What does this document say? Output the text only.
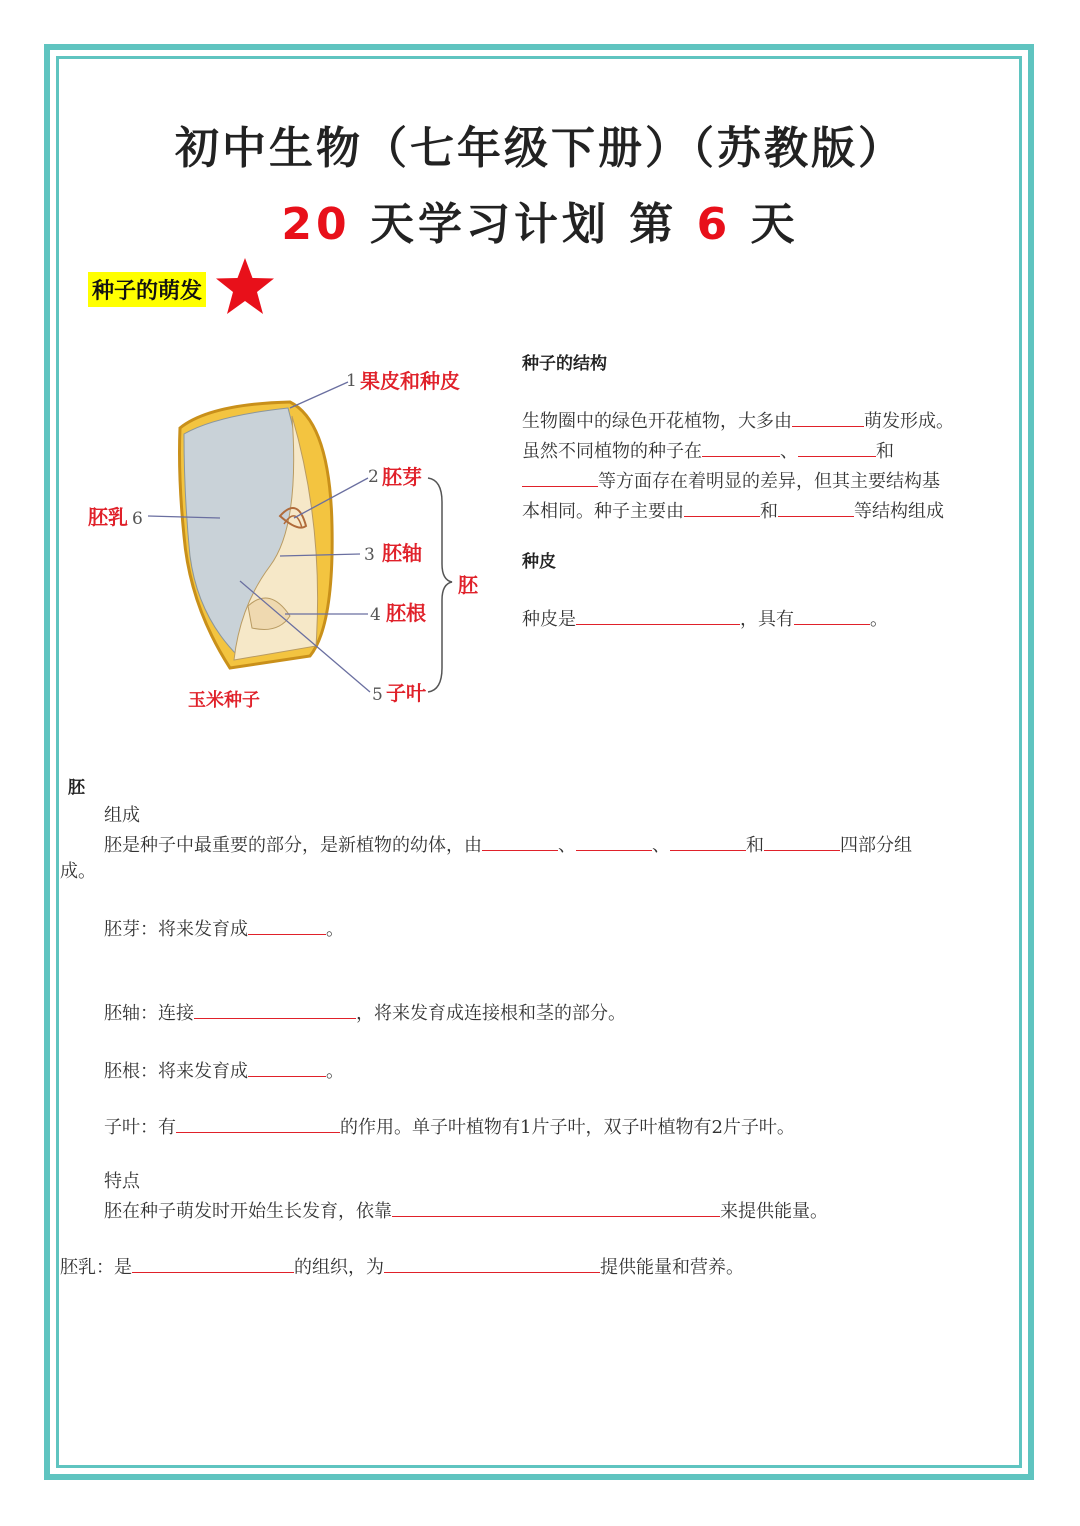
初中生物（七年级下册）（苏教版）
20 天学习计划 第 6 天
种子的萌发
1 果皮和种皮
2 胚芽
3 胚轴
4 胚根
5 子叶
胚乳 6
胚
玉米种子
种子的结构
生物圈中的绿色开花植物，大多由	萌发形成。
虽然不同植物的种子在	、	和
等方面存在着明显的差异，但其主要结构基
本相同。种子主要由	和	等结构组成
种皮
种皮是	，具有	。
胚
组成
胚是种子中最重要的部分，是新植物的幼体，由	、	、	和	四部分组
成。
胚芽：将来发育成	。
胚轴：连接	，将来发育成连接根和茎的部分。
胚根：将来发育成	。
子叶：有	的作用。单子叶植物有1片子叶，双子叶植物有2片子叶。
特点
胚在种子萌发时开始生长发育，依靠	来提供能量。
胚乳：是	的组织，为	提供能量和营养。
